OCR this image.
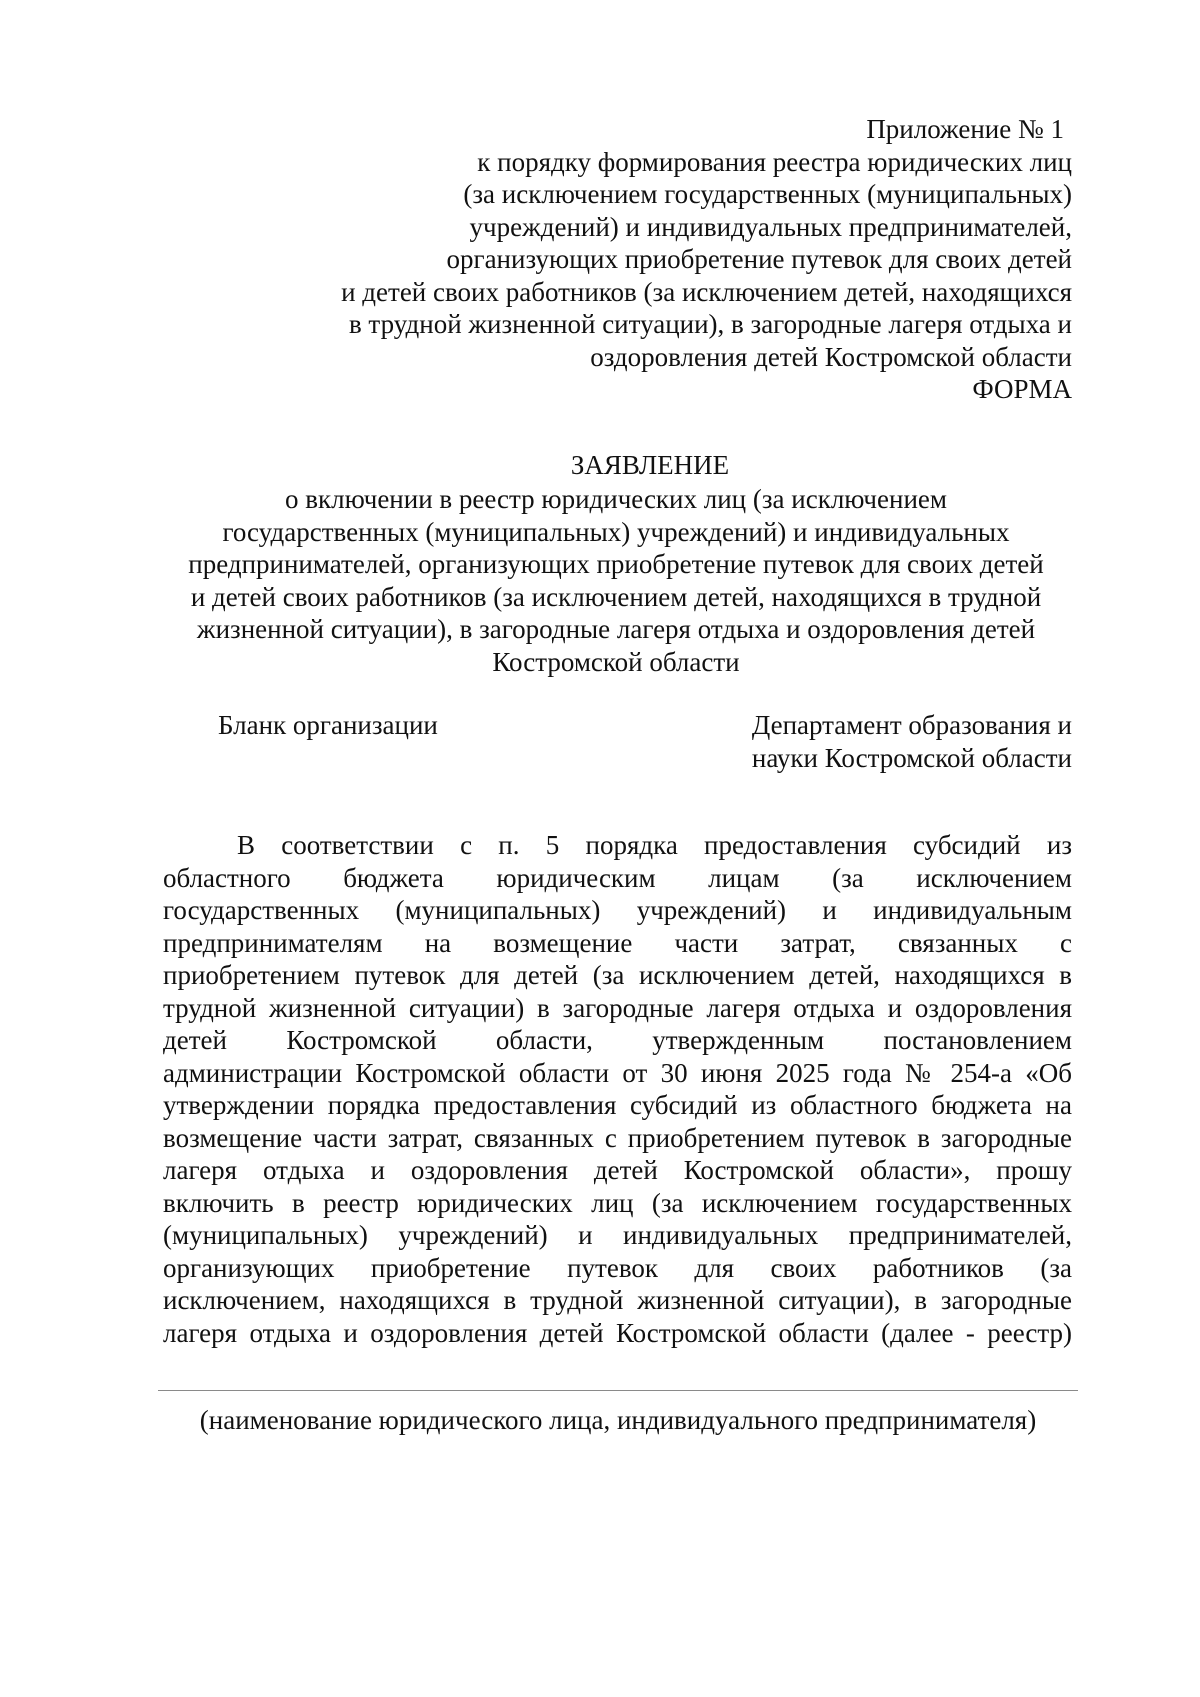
Приложение № 1
к порядку формирования реестра юридических лиц
(за исключением государственных (муниципальных)
учреждений) и индивидуальных предпринимателей,
организующих приобретение путевок для своих детей
и детей своих работников (за исключением детей, находящихся
в трудной жизненной ситуации), в загородные лагеря отдыха и
оздоровления детей Костромской области
ФОРМА
ЗАЯВЛЕНИЕ
о включении в реестр юридических лиц (за исключением
государственных (муниципальных) учреждений) и индивидуальных
предпринимателей, организующих приобретение путевок для своих детей
и детей своих работников (за исключением детей, находящихся в трудной
жизненной ситуации), в загородные лагеря отдыха и оздоровления детей
Костромской области
Бланк организации	Департамент образования и
науки Костромской области
В соответствии с п. 5 порядка предоставления субсидий из
областного бюджета юридическим лицам (за исключением
государственных (муниципальных) учреждений) и индивидуальным
предпринимателям на возмещение части затрат, связанных с
приобретением путевок для детей (за исключением детей, находящихся в
трудной жизненной ситуации) в загородные лагеря отдыха и оздоровления
детей Костромской области, утвержденным постановлением
администрации Костромской области от 30 июня 2025 года № 254-а «Об
утверждении порядка предоставления субсидий из областного бюджета на
возмещение части затрат, связанных с приобретением путевок в загородные
лагеря отдыха и оздоровления детей Костромской области», прошу
включить в реестр юридических лиц (за исключением государственных
(муниципальных) учреждений) и индивидуальных предпринимателей,
организующих приобретение путевок для своих работников (за
исключением, находящихся в трудной жизненной ситуации), в загородные
лагеря отдыха и оздоровления детей Костромской области (далее - реестр)
(наименование юридического лица, индивидуального предпринимателя)
